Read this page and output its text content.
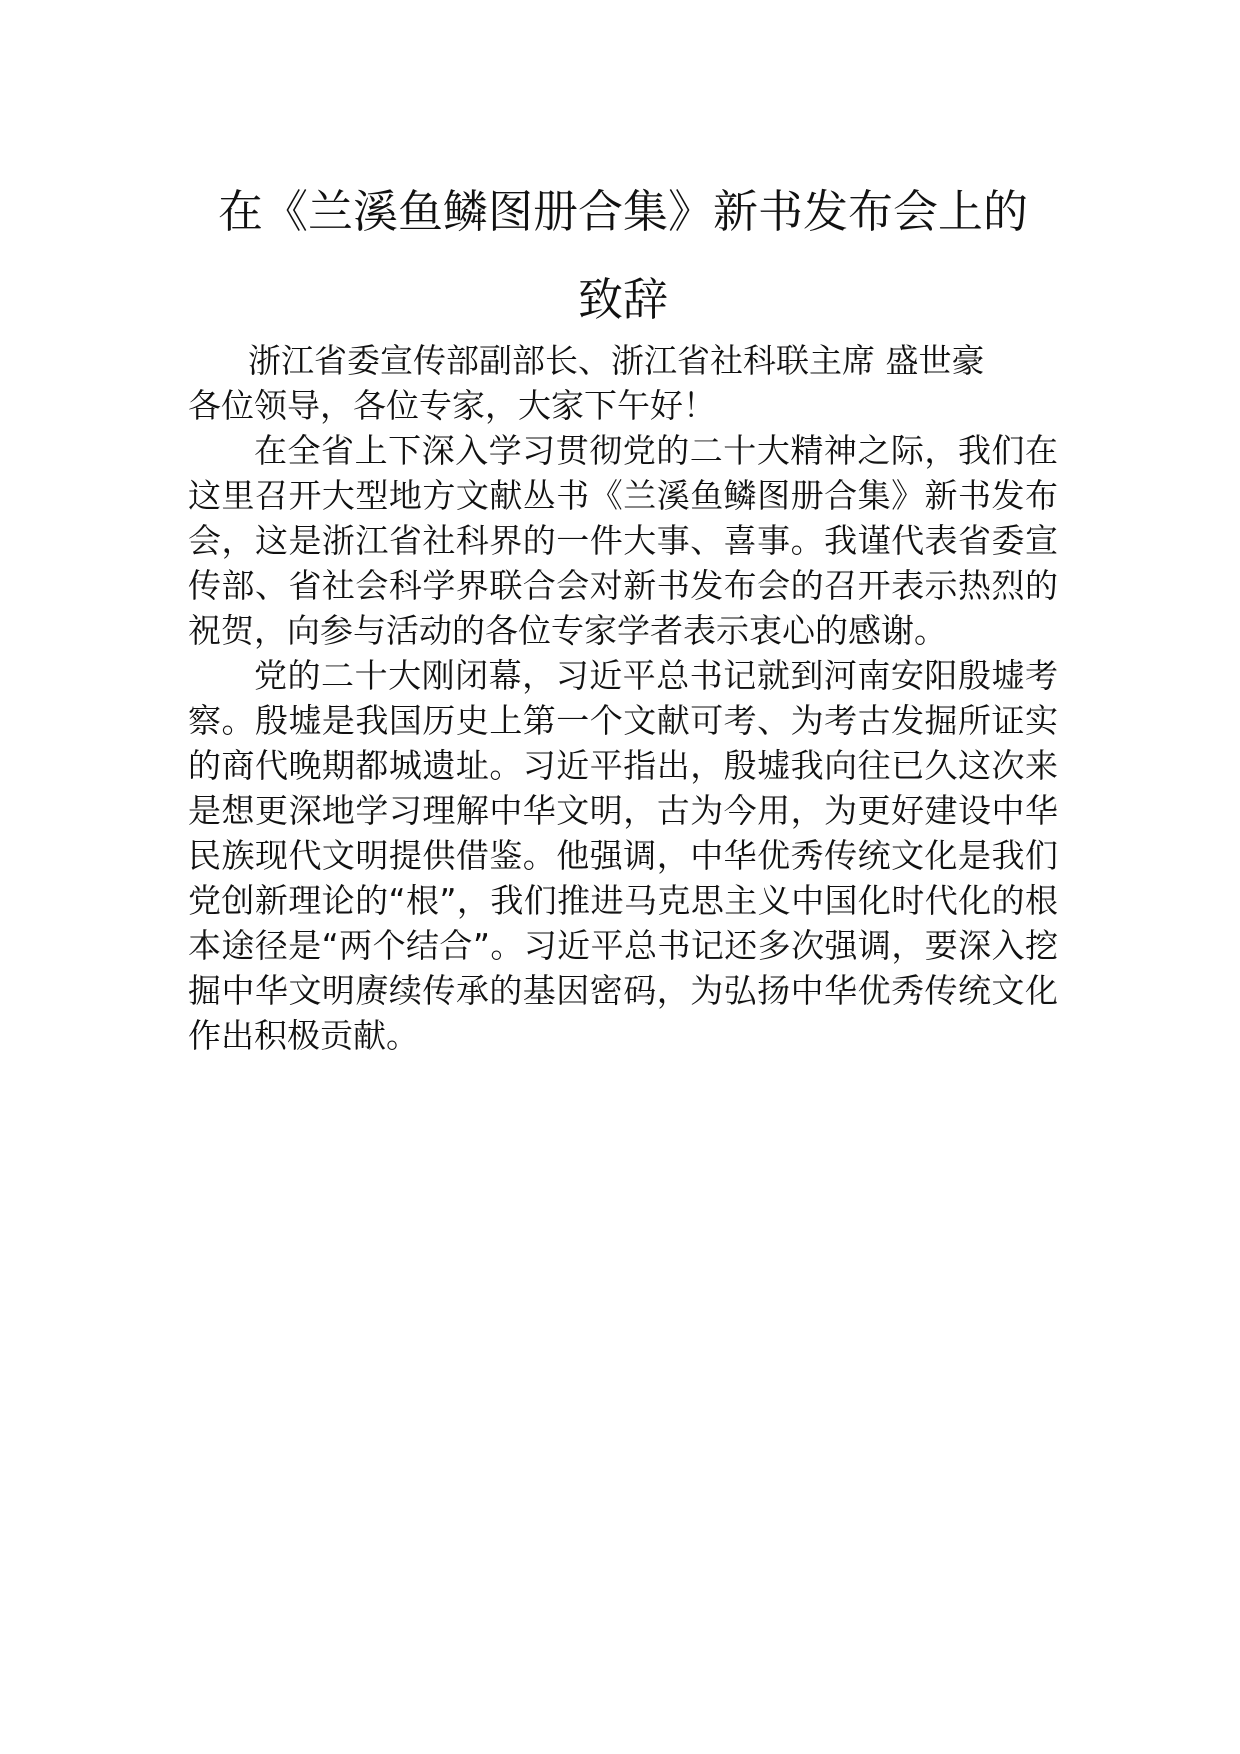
在《兰溪鱼鳞图册合集》新书发布会上的
致辞

浙江省委宣传部副部长、浙江省社科联主席 盛世豪

各位领导，各位专家，大家下午好！

在全省上下深入学习贯彻党的二十大精神之际，我们在这里召开大型地方文献丛书《兰溪鱼鳞图册合集》新书发布会，这是浙江省社科界的一件大事、喜事。我谨代表省委宣传部、省社会科学界联合会对新书发布会的召开表示热烈的祝贺，向参与活动的各位专家学者表示衷心的感谢。

党的二十大刚闭幕，习近平总书记就到河南安阳殷墟考察。殷墟是我国历史上第一个文献可考、为考古发掘所证实的商代晚期都城遗址。习近平指出，殷墟我向往已久这次来是想更深地学习理解中华文明，古为今用，为更好建设中华民族现代文明提供借鉴。他强调，中华优秀传统文化是我们党创新理论的“根”，我们推进马克思主义中国化时代化的根本途径是“两个结合”。习近平总书记还多次强调，要深入挖掘中华文明赓续传承的基因密码，为弘扬中华优秀传统文化作出积极贡献。
